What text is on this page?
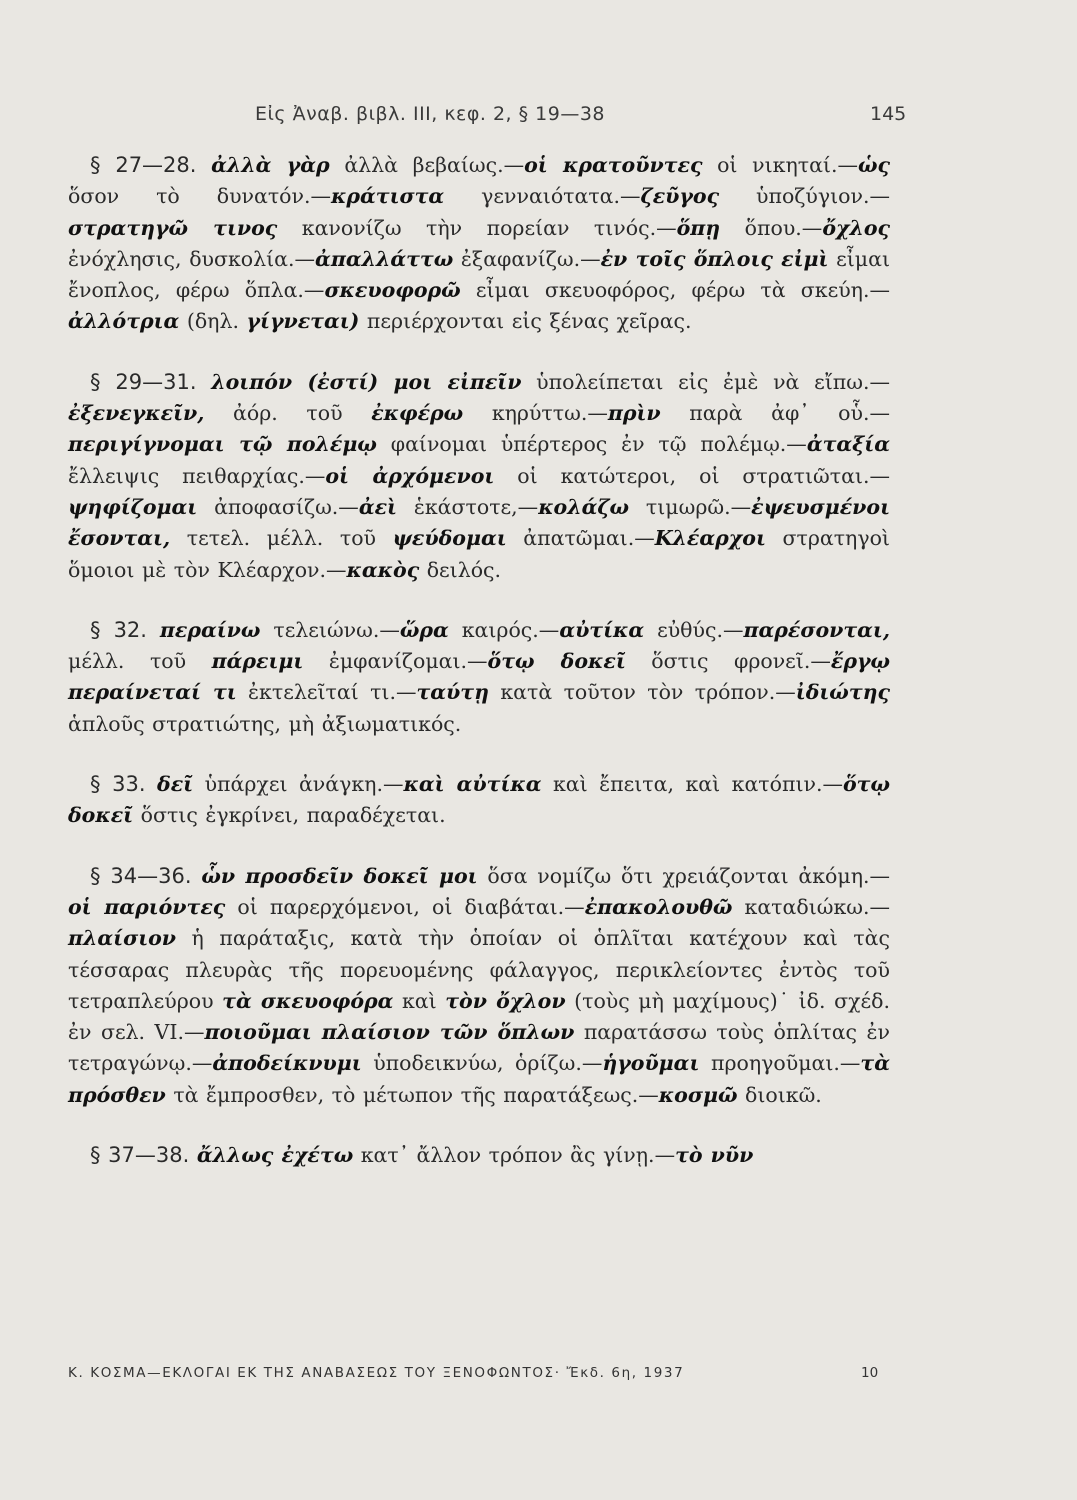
Εἰς Ἀναβ. βιβλ. III, κεφ. 2, § 19—38	145

§ 27—28. ἀλλὰ γὰρ ἀλλὰ βεβαίως.—οἱ κρατοῦντες οἱ νικηταί.—ὡς ὅσον τὸ δυνατόν.—κράτιστα γενναιότατα.—ζεῦγος ὑποζύγιον.—στρατηγῶ τινος κανονίζω τὴν πορείαν τινός.—ὅπῃ ὅπου.—ὄχλος ἐνόχλησις, δυσκολία.—ἀπαλλάττω ἐξαφανίζω.—ἐν τοῖς ὅπλοις εἰμὶ εἶμαι ἔνοπλος, φέρω ὅπλα.—σκευοφορῶ εἶμαι σκευοφόρος, φέρω τὰ σκεύη.—ἀλλότρια (δηλ. γίγνεται) περιέρχονται εἰς ξένας χεῖρας.

§ 29—31. λοιπόν (ἐστί) μοι εἰπεῖν ὑπολείπεται εἰς ἐμὲ νὰ εἴπω.—ἐξενεγκεῖν, ἀόρ. τοῦ ἐκφέρω κηρύττω.—πρὶν παρὰ ἀφ᾿ οὗ.—περιγίγνομαι τῷ πολέμῳ φαίνομαι ὑπέρτερος ἐν τῷ πολέμῳ.—ἀταξία ἔλλειψις πειθαρχίας.—οἱ ἀρχόμενοι οἱ κατώτεροι, οἱ στρατιῶται.—ψηφίζομαι ἀποφασίζω.—ἀεὶ ἑκάστοτε,—κολάζω τιμωρῶ.—ἐψευσμένοι ἔσονται, τετελ. μέλλ. τοῦ ψεύδομαι ἀπατῶμαι.—Κλέαρχοι στρατηγοὶ ὅμοιοι μὲ τὸν Κλέαρχον.—κακὸς δειλός.

§ 32. περαίνω τελειώνω.—ὥρα καιρός.—αὐτίκα εὐθύς.—παρέσονται, μέλλ. τοῦ πάρειμι ἐμφανίζομαι.—ὅτῳ δοκεῖ ὅστις φρονεῖ.—ἔργῳ περαίνεταί τι ἐκτελεῖταί τι.—ταύτῃ κατὰ τοῦτον τὸν τρόπον.—ἰδιώτης ἁπλοῦς στρατιώτης, μὴ ἀξιωματικός.

§ 33. δεῖ ὑπάρχει ἀνάγκη.—καὶ αὐτίκα καὶ ἔπειτα, καὶ κατόπιν.—ὅτῳ δοκεῖ ὅστις ἐγκρίνει, παραδέχεται.

§ 34—36. ὧν προσδεῖν δοκεῖ μοι ὅσα νομίζω ὅτι χρειάζονται ἀκόμη.—οἱ παριόντες οἱ παρερχόμενοι, οἱ διαβάται.—ἐπακολουθῶ καταδιώκω.—πλαίσιον ἡ παράταξις, κατὰ τὴν ὁποίαν οἱ ὁπλῖται κατέχουν καὶ τὰς τέσσαρας πλευρὰς τῆς πορευομένης φάλαγγος, περικλείοντες ἐντὸς τοῦ τετραπλεύρου τὰ σκευοφόρα καὶ τὸν ὄχλον (τοὺς μὴ μαχίμους)˙ ἰδ. σχέδ. ἐν σελ. VI.—ποιοῦμαι πλαίσιον τῶν ὅπλων παρατάσσω τοὺς ὁπλίτας ἐν τετραγώνῳ.—ἀποδείκνυμι ὑποδεικνύω, ὁρίζω.—ἡγοῦμαι προηγοῦμαι.—τὰ πρόσθεν τὰ ἔμπροσθεν, τὸ μέτωπον τῆς παρατάξεως.—κοσμῶ διοικῶ.

§ 37—38. ἄλλως ἐχέτω κατ᾿ ἄλλον τρόπον ἂς γίνῃ.—τὸ νῦν

Κ. ΚΟΣΜΑ—ΕΚΛΟΓΑΙ ΕΚ ΤΗΣ ΑΝΑΒΑΣΕΩΣ ΤΟΥ ΞΕΝΟΦΩΝΤΟΣ· Ἔκδ. 6η, 1937	10
